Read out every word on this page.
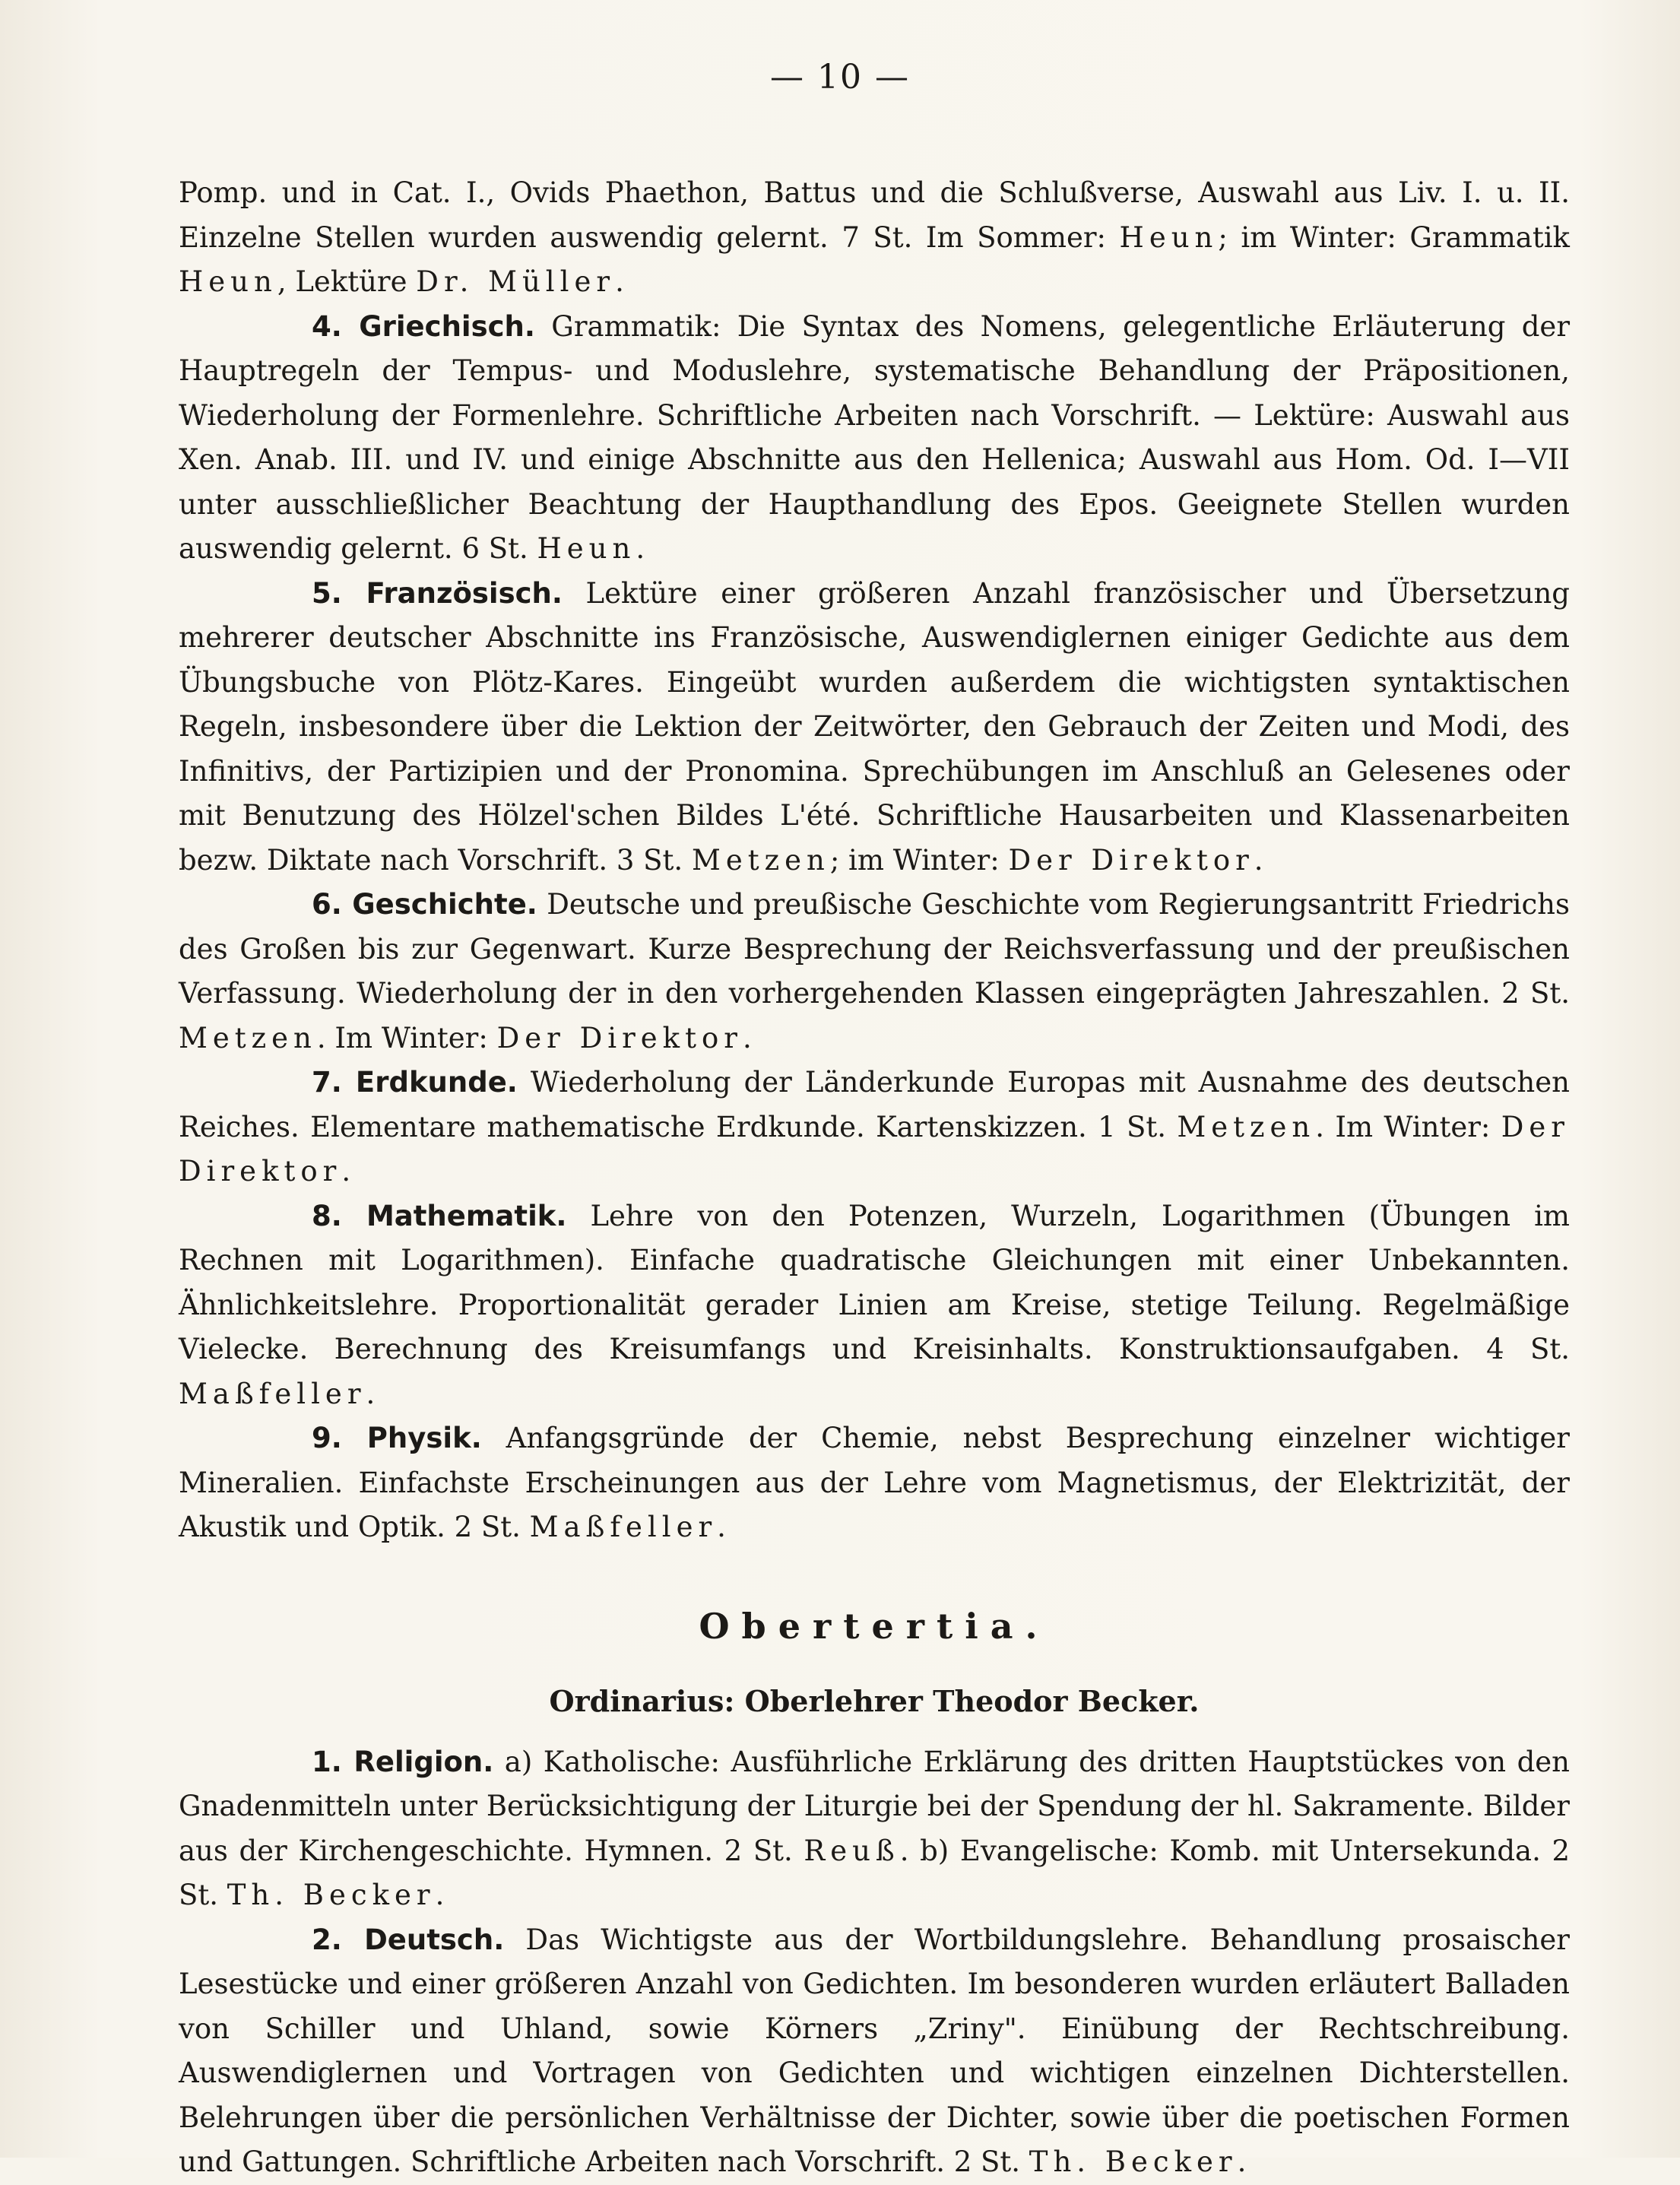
— 10 —

Pomp. und in Cat. I., Ovids Phaethon, Battus und die Schlußverse, Auswahl aus Liv. I. u. II. Einzelne Stellen wurden auswendig gelernt. 7 St. Im Sommer: Heun; im Winter: Grammatik Heun, Lektüre Dr. Müller.

4. Griechisch. Grammatik: Die Syntax des Nomens, gelegentliche Erläuterung der Hauptregeln der Tempus- und Moduslehre, systematische Behandlung der Präpositionen, Wiederholung der Formenlehre. Schriftliche Arbeiten nach Vorschrift. — Lektüre: Auswahl aus Xen. Anab. III. und IV. und einige Abschnitte aus den Hellenica; Auswahl aus Hom. Od. I—VII unter ausschließlicher Beachtung der Haupthandlung des Epos. Geeignete Stellen wurden auswendig gelernt. 6 St. Heun.

5. Französisch. Lektüre einer größeren Anzahl französischer und Übersetzung mehrerer deutscher Abschnitte ins Französische, Auswendiglernen einiger Gedichte aus dem Übungsbuche von Plötz-Kares. Eingeübt wurden außerdem die wichtigsten syntaktischen Regeln, insbesondere über die Lektion der Zeitwörter, den Gebrauch der Zeiten und Modi, des Infinitivs, der Partizipien und der Pronomina. Sprechübungen im Anschluß an Gelesenes oder mit Benutzung des Hölzel'schen Bildes L'été. Schriftliche Hausarbeiten und Klassenarbeiten bezw. Diktate nach Vorschrift. 3 St. Metzen; im Winter: Der Direktor.

6. Geschichte. Deutsche und preußische Geschichte vom Regierungsantritt Friedrichs des Großen bis zur Gegenwart. Kurze Besprechung der Reichsverfassung und der preußischen Verfassung. Wiederholung der in den vorhergehenden Klassen eingeprägten Jahreszahlen. 2 St. Metzen. Im Winter: Der Direktor.

7. Erdkunde. Wiederholung der Länderkunde Europas mit Ausnahme des deutschen Reiches. Elementare mathematische Erdkunde. Kartenskizzen. 1 St. Metzen. Im Winter: Der Direktor.

8. Mathematik. Lehre von den Potenzen, Wurzeln, Logarithmen (Übungen im Rechnen mit Logarithmen). Einfache quadratische Gleichungen mit einer Unbekannten. Ähnlichkeitslehre. Proportionalität gerader Linien am Kreise, stetige Teilung. Regelmäßige Vielecke. Berechnung des Kreisumfangs und Kreisinhalts. Konstruktionsaufgaben. 4 St. Maßfeller.

9. Physik. Anfangsgründe der Chemie, nebst Besprechung einzelner wichtiger Mineralien. Einfachste Erscheinungen aus der Lehre vom Magnetismus, der Elektrizität, der Akustik und Optik. 2 St. Maßfeller.

Obertertia.
Ordinarius: Oberlehrer Theodor Becker.

1. Religion. a) Katholische: Ausführliche Erklärung des dritten Hauptstückes von den Gnadenmitteln unter Berücksichtigung der Liturgie bei der Spendung der hl. Sakramente. Bilder aus der Kirchengeschichte. Hymnen. 2 St. Reuß. b) Evangelische: Komb. mit Untersekunda. 2 St. Th. Becker.

2. Deutsch. Das Wichtigste aus der Wortbildungslehre. Behandlung prosaischer Lesestücke und einer größeren Anzahl von Gedichten. Im besonderen wurden erläutert Balladen von Schiller und Uhland, sowie Körners „Zriny". Einübung der Rechtschreibung. Auswendiglernen und Vortragen von Gedichten und wichtigen einzelnen Dichterstellen. Belehrungen über die persönlichen Verhältnisse der Dichter, sowie über die poetischen Formen und Gattungen. Schriftliche Arbeiten nach Vorschrift. 2 St. Th. Becker.
